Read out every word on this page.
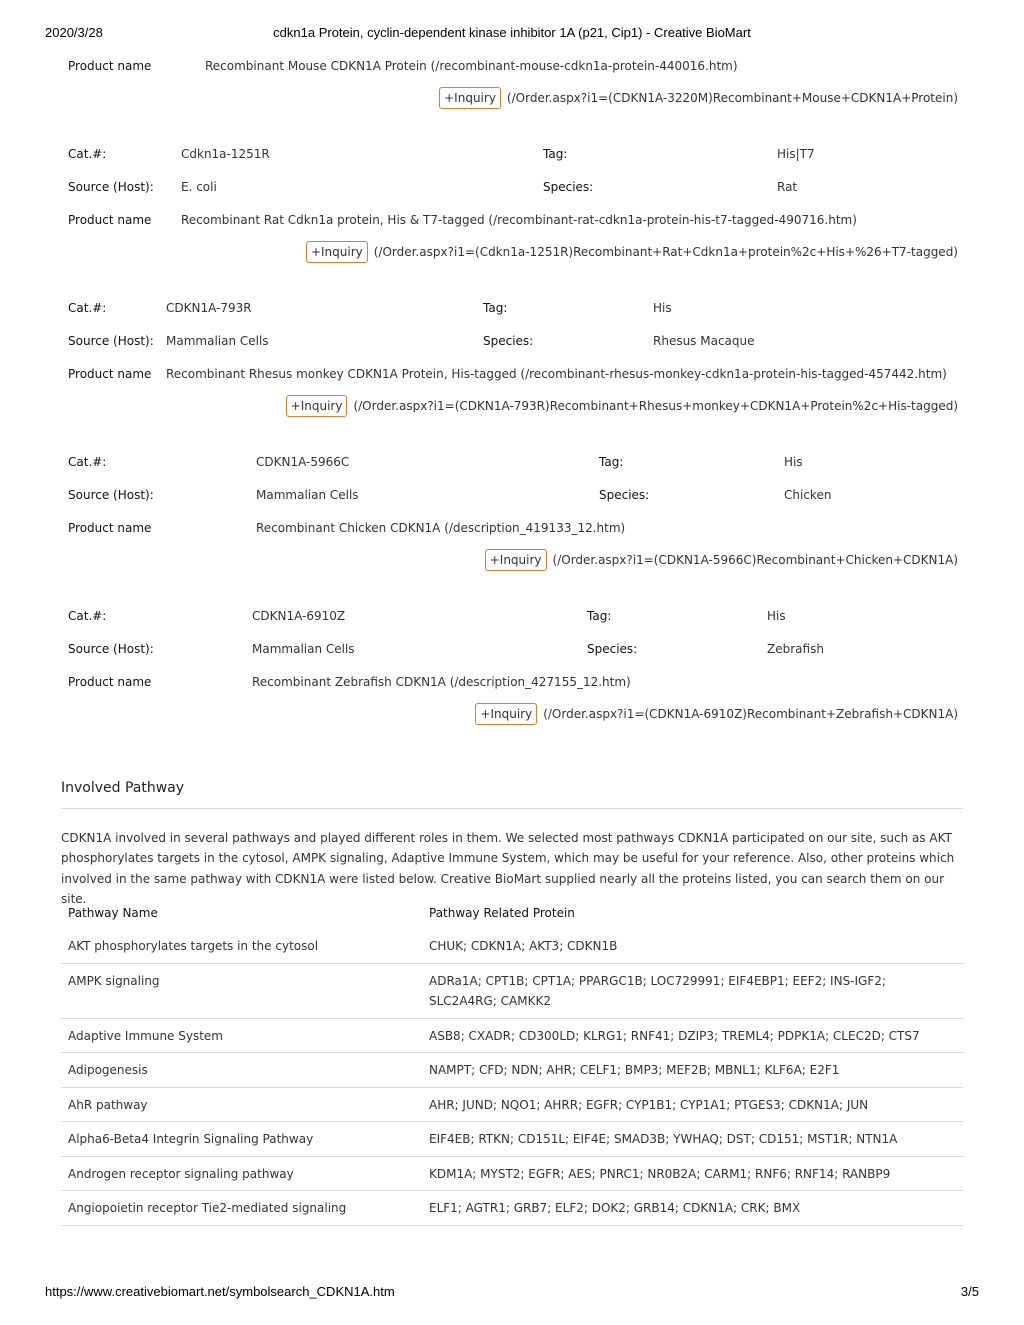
2020/3/28	cdkn1a Protein, cyclin-dependent kinase inhibitor 1A (p21, Cip1) - Creative BioMart
Product name	Recombinant Mouse CDKN1A Protein (/recombinant-mouse-cdkn1a-protein-440016.htm)
+Inquiry (/Order.aspx?i1=(CDKN1A-3220M)Recombinant+Mouse+CDKN1A+Protein)
Cat.#:	Cdkn1a-1251R	Tag:	His|T7
Source (Host): E. coli	Species:	Rat
Product name Recombinant Rat Cdkn1a protein, His & T7-tagged (/recombinant-rat-cdkn1a-protein-his-t7-tagged-490716.htm)
+Inquiry (/Order.aspx?i1=(Cdkn1a-1251R)Recombinant+Rat+Cdkn1a+protein%2c+His+%26+T7-tagged)
Cat.#:	CDKN1A-793R	Tag:	His
Source (Host): Mammalian Cells	Species:	Rhesus Macaque
Product name Recombinant Rhesus monkey CDKN1A Protein, His-tagged (/recombinant-rhesus-monkey-cdkn1a-protein-his-tagged-457442.htm)
+Inquiry (/Order.aspx?i1=(CDKN1A-793R)Recombinant+Rhesus+monkey+CDKN1A+Protein%2c+His-tagged)
Cat.#:	CDKN1A-5966C	Tag:	His
Source (Host):	Mammalian Cells	Species:	Chicken
Product name	Recombinant Chicken CDKN1A (/description_419133_12.htm)
+Inquiry (/Order.aspx?i1=(CDKN1A-5966C)Recombinant+Chicken+CDKN1A)
Cat.#:	CDKN1A-6910Z	Tag:	His
Source (Host):	Mammalian Cells	Species:	Zebrafish
Product name	Recombinant Zebrafish CDKN1A (/description_427155_12.htm)
+Inquiry (/Order.aspx?i1=(CDKN1A-6910Z)Recombinant+Zebrafish+CDKN1A)
Involved Pathway

CDKN1A involved in several pathways and played different roles in them. We selected most pathways CDKN1A participated on our site, such as AKT phosphorylates targets in the cytosol, AMPK signaling, Adaptive Immune System, which may be useful for your reference. Also, other proteins which involved in the same pathway with CDKN1A were listed below. Creative BioMart supplied nearly all the proteins listed, you can search them on our site.

Pathway Name	Pathway Related Protein
AKT phosphorylates targets in the cytosol	CHUK; CDKN1A; AKT3; CDKN1B
AMPK signaling	ADRa1A; CPT1B; CPT1A; PPARGC1B; LOC729991; EIF4EBP1; EEF2; INS-IGF2; SLC2A4RG; CAMKK2
Adaptive Immune System	ASB8; CXADR; CD300LD; KLRG1; RNF41; DZIP3; TREML4; PDPK1A; CLEC2D; CTS7
Adipogenesis	NAMPT; CFD; NDN; AHR; CELF1; BMP3; MEF2B; MBNL1; KLF6A; E2F1
AhR pathway	AHR; JUND; NQO1; AHRR; EGFR; CYP1B1; CYP1A1; PTGES3; CDKN1A; JUN
Alpha6-Beta4 Integrin Signaling Pathway	EIF4EB; RTKN; CD151L; EIF4E; SMAD3B; YWHAQ; DST; CD151; MST1R; NTN1A
Androgen receptor signaling pathway	KDM1A; MYST2; EGFR; AES; PNRC1; NR0B2A; CARM1; RNF6; RNF14; RANBP9
Angiopoietin receptor Tie2-mediated signaling	ELF1; AGTR1; GRB7; ELF2; DOK2; GRB14; CDKN1A; CRK; BMX
https://www.creativebiomart.net/symbolsearch_CDKN1A.htm	3/5
